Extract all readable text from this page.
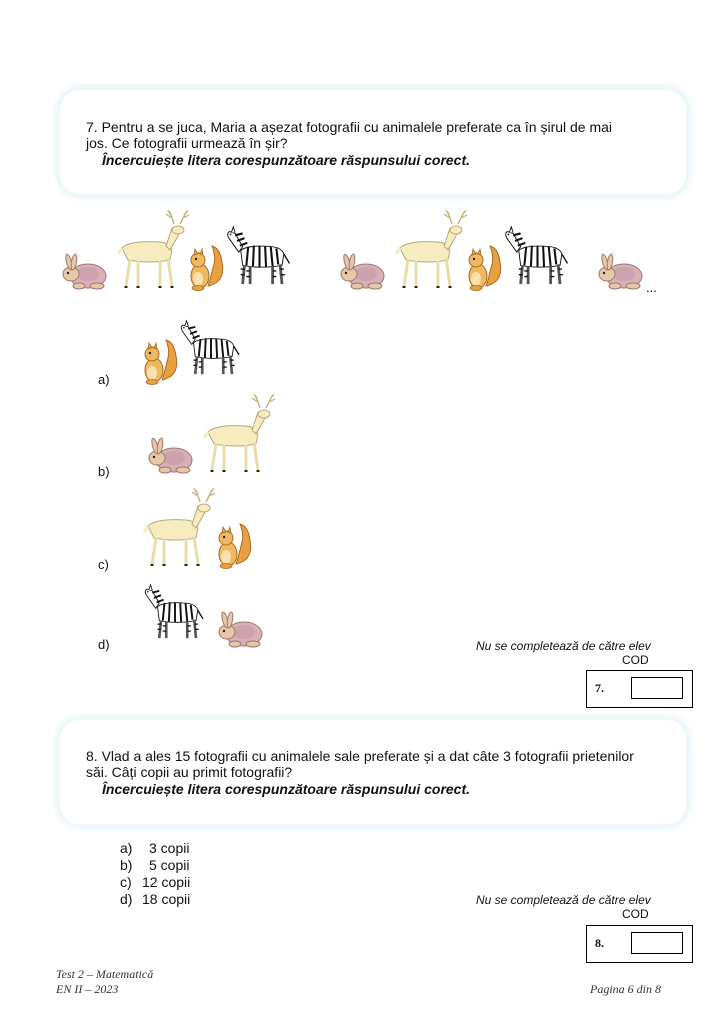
7. Pentru a se juca, Maria a așezat fotografii cu animalele preferate ca în șirul de mai
jos. Ce fotografii urmează în șir?
Încercuiește litera corespunzătoare răspunsului corect.
...
a)
b)
c)
d)	Nu se completează de către elev
COD
7.
8. Vlad a ales 15 fotografii cu animalele sale preferate și a dat câte 3 fotografii prietenilor
săi. Câți copii au primit fotografii?
Încercuiește litera corespunzătoare răspunsului corect.
a) 3 copii
b) 5 copii
c) 12 copii
d) 18 copii	Nu se completează de către elev
COD
8.
Test 2 – Matematică
EN II – 2023	Pagina 6 din 8
